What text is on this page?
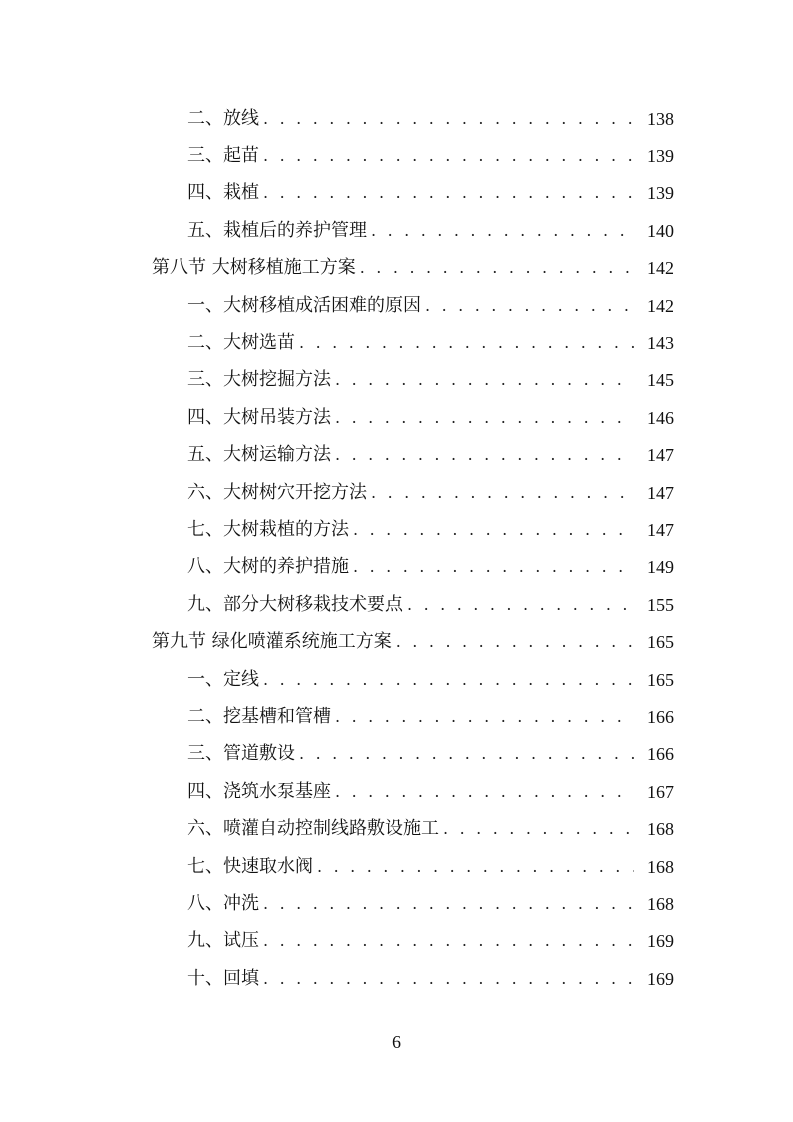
二、放线 . . .	138
三、起苗 . . .	139
四、栽植 . . .	139
五、栽植后的养护管理 . . .	140
第八节 大树移植施工方案 . . .	142
一、大树移植成活困难的原因 . . .	142
二、大树选苗 . . .	143
三、大树挖掘方法 . . .	145
四、大树吊装方法 . . .	146
五、大树运输方法 . . .	147
六、大树树穴开挖方法 . . .	147
七、大树栽植的方法 . . .	147
八、大树的养护措施 . . .	149
九、部分大树移栽技术要点 . . .	155
第九节 绿化喷灌系统施工方案 . . .	165
一、定线 . . .	165
二、挖基槽和管槽 . . .	166
三、管道敷设 . . .	166
四、浇筑水泵基座 . . .	167
六、喷灌自动控制线路敷设施工 . . .	168
七、快速取水阀 . . .	168
八、冲洗 . . .	168
九、试压 . . .	169
十、回填 . . .	169
6
